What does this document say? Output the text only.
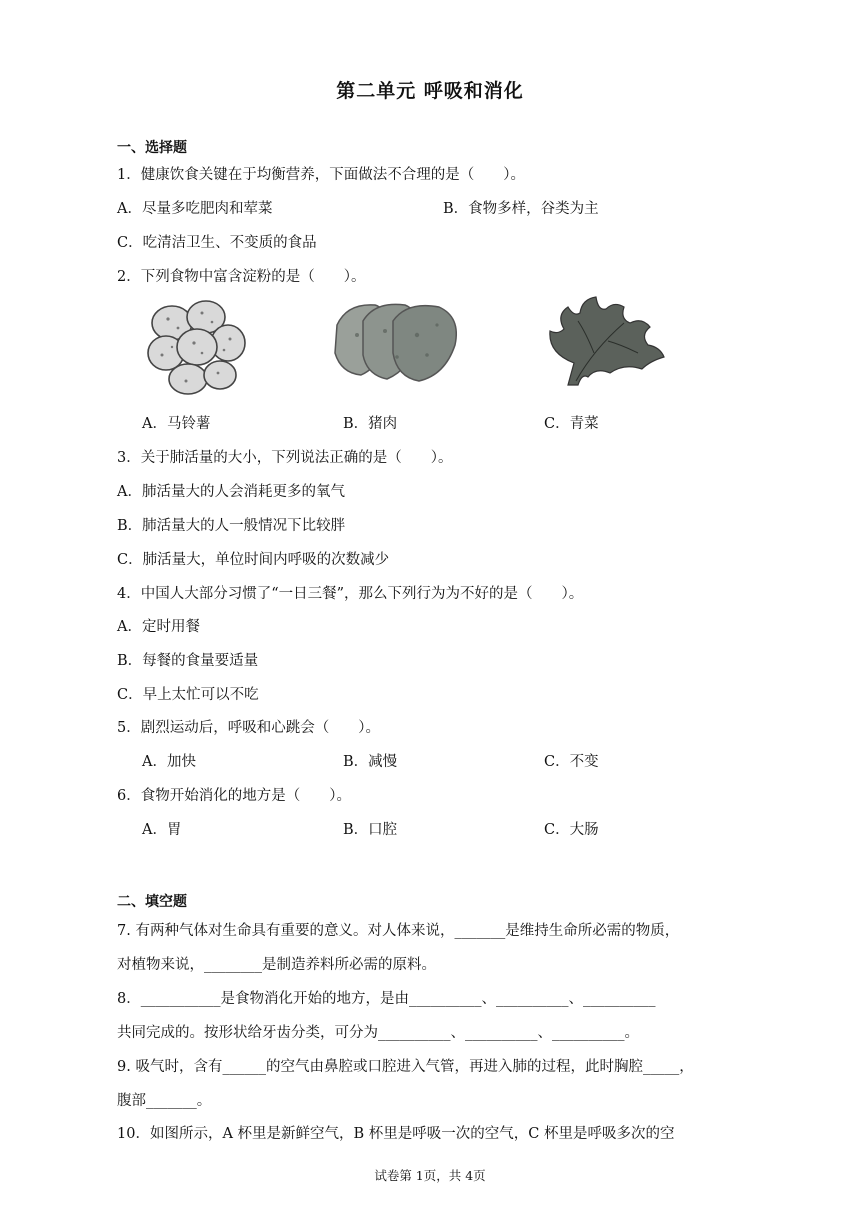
第二单元 呼吸和消化
一、选择题
1．健康饮食关键在于均衡营养，下面做法不合理的是（　　）。
A．尽量多吃肥肉和荤菜	B．食物多样，谷类为主
C．吃清洁卫生、不变质的食品
2．下列食物中富含淀粉的是（　　）。
A．马铃薯	B．猪肉	C．青菜
3．关于肺活量的大小，下列说法正确的是（　　）。
A．肺活量大的人会消耗更多的氧气
B．肺活量大的人一般情况下比较胖
C．肺活量大，单位时间内呼吸的次数减少
4．中国人大部分习惯了“一日三餐”，那么下列行为为不好的是（　　）。
A．定时用餐
B．每餐的食量要适量
C．早上太忙可以不吃
5．剧烈运动后，呼吸和心跳会（　　）。
A．加快	B．减慢	C．不变
6．食物开始消化的地方是（　　）。
A．胃	B．口腔	C．大肠
二、填空题
7. 有两种气体对生命具有重要的意义。对人体来说，_______是维持生命所必需的物质，
对植物来说，________是制造养料所必需的原料。
8．___________是食物消化开始的地方，是由__________、__________、__________
共同完成的。按形状给牙齿分类，可分为__________、__________、__________。
9. 吸气时，含有______的空气由鼻腔或口腔进入气管，再进入肺的过程，此时胸腔_____，
腹部_______。
10．如图所示，A 杯里是新鲜空气，B 杯里是呼吸一次的空气，C 杯里是呼吸多次的空
试卷第 1页，共 4页
